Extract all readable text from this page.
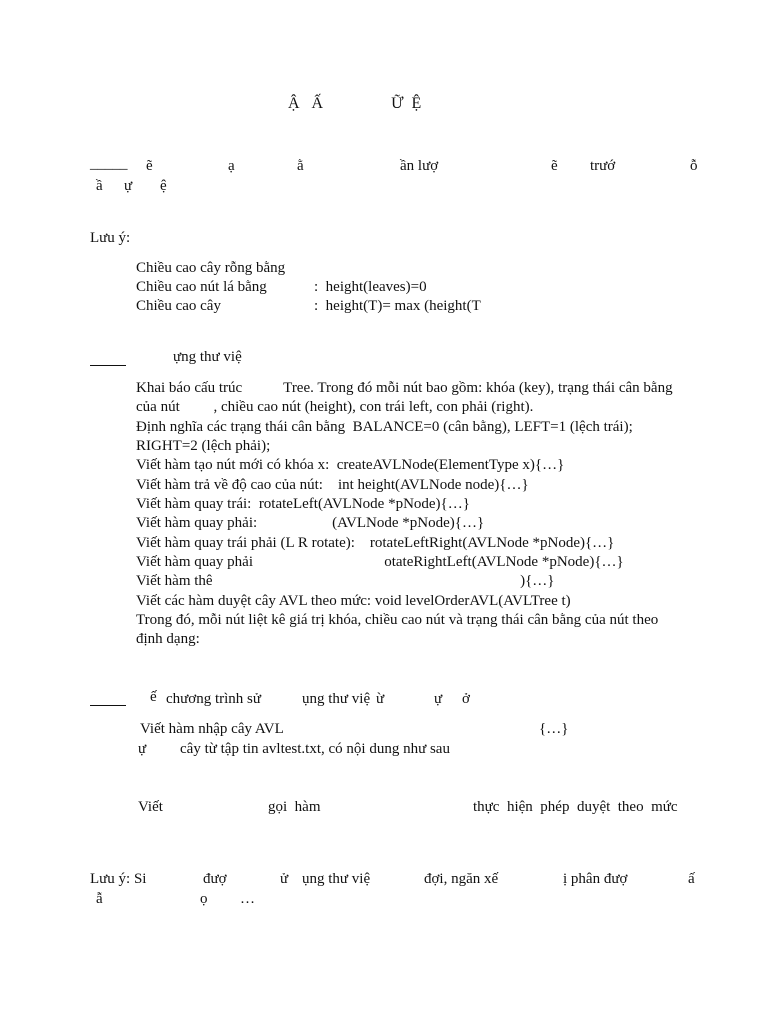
Ậ   Ấ                 Ữ  Ệ
_____ ẽ	ạ	ằ	ần lượ	ẽ trướ	ỗ
ầ ự ệ
Lưu ý:
Chiều cao cây rỗng bằng
Chiều cao nút lá bằng	:  height(leaves)=0
Chiều cao cây	:  height(T)= max (height(T
ựng thư việ
Khai báo cấu trúc           Tree. Trong đó mỗi nút bao gồm: khóa (key), trạng thái cân bằng
của nút         , chiều cao nút (height), con trái left, con phải (right).
Định nghĩa các trạng thái cân bằng  BALANCE=0 (cân bằng), LEFT=1 (lệch trái);
RIGHT=2 (lệch phải);
Viết hàm tạo nút mới có khóa x:  createAVLNode(ElementType x){…}
Viết hàm trả về độ cao của nút:    int height(AVLNode node){…}
Viết hàm quay trái:  rotateLeft(AVLNode *pNode){…}
Viết hàm quay phải:                    (AVLNode *pNode){…}
Viết hàm quay trái phải (L R rotate):    rotateLeftRight(AVLNode *pNode){…}
Viết hàm quay phải                                   otateRightLeft(AVLNode *pNode){…}
Viết hàm thê                                                                                  ){…}
Viết các hàm duyệt cây AVL theo mức: void levelOrderAVL(AVLTree t)
Trong đó, mỗi nút liệt kê giá trị khóa, chiều cao nút và trạng thái cân bằng của nút theo
định dạng:
ế chương trình sử	ụng thư việ ừ	ự ở
Viết hàm nhập cây AVL	{…}
ự cây từ tập tin avltest.txt, có nội dung như sau
Viết	gọi  hàm	thực  hiện  phép  duyệt  theo  mức
Lưu ý: Si	đượ	ử ụng thư việ	đợi, ngăn xế	ị phân đượ	ấ
ẫ	ọ …
